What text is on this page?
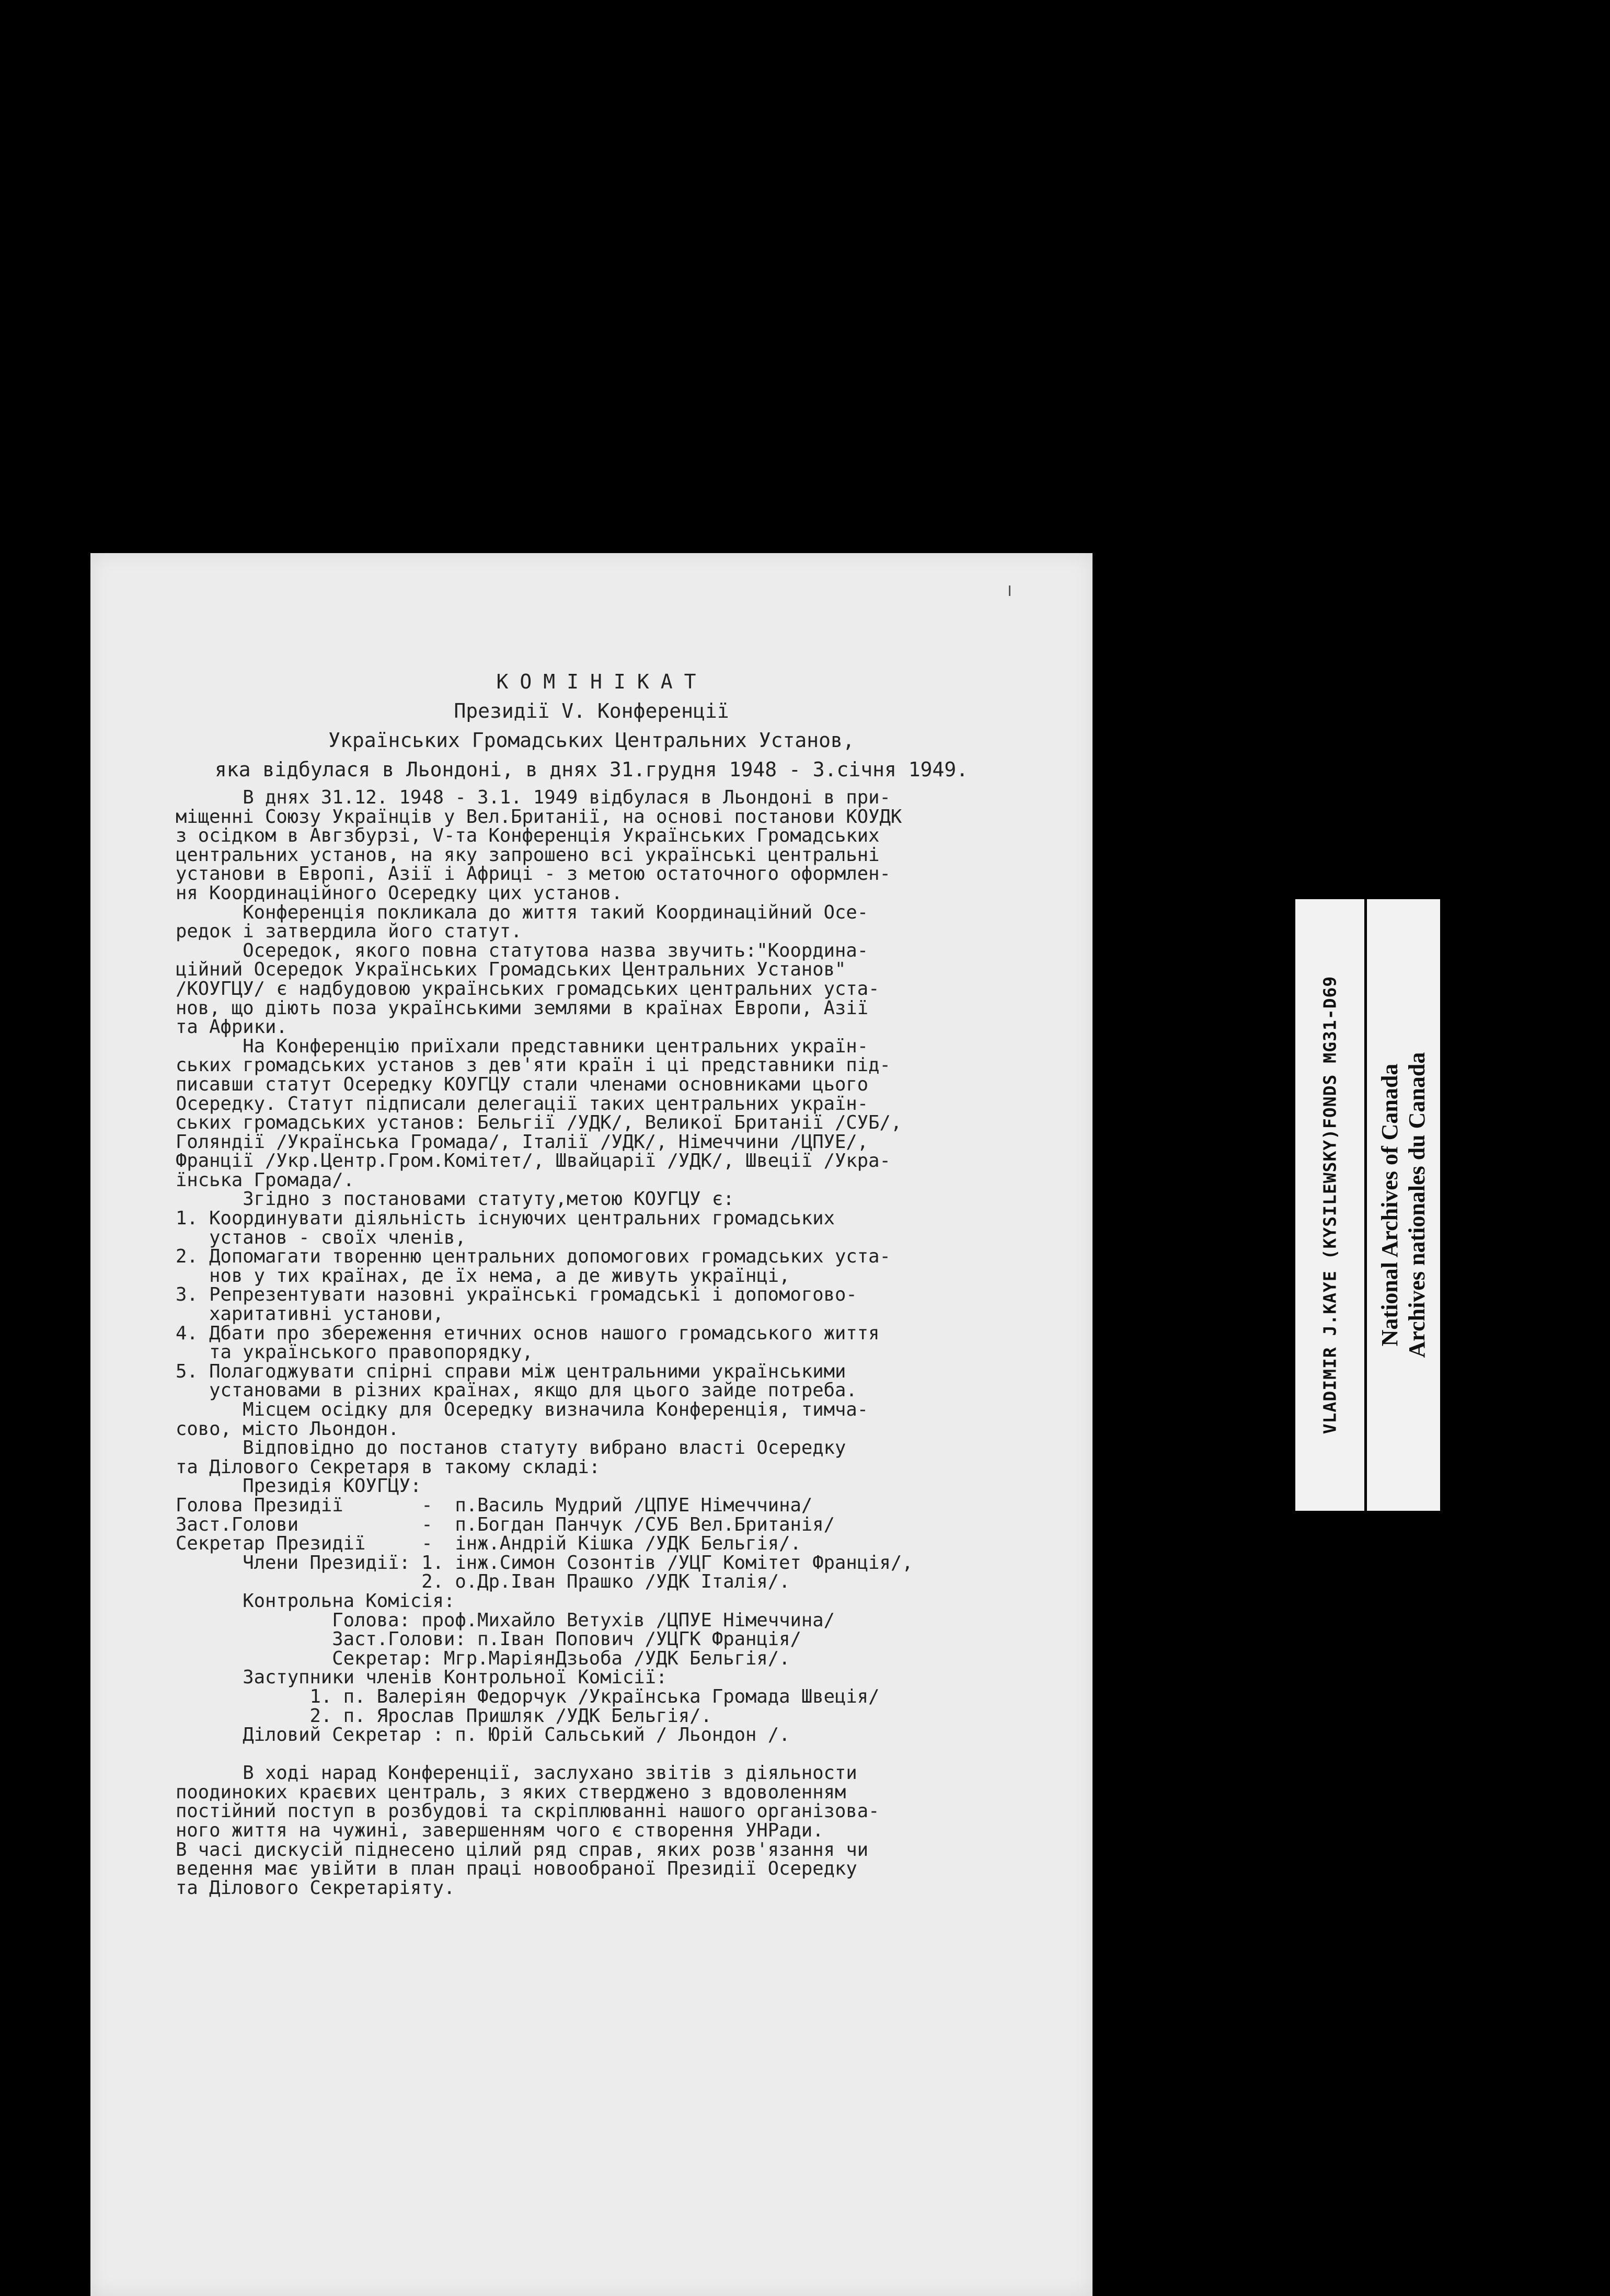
КОМІНІКАТ
Президії V. Конференції
Українських Громадських Центральних Установ,
яка відбулася в Льондоні, в днях 31.грудня 1948 - 3.січня 1949.
В днях 31.12. 1948 - 3.1. 1949 відбулася в Льондоні в при-
міщенні Союзу Українців у Вел.Британії, на основі постанови КОУДК
з осідком в Авгзбурзі, V-та Конференція Українських Громадських
центральних установ, на яку запрошено всі українські центральні
установи в Европі, Азії і Африці - з метою остаточного оформлен-
ня Координаційного Осередку цих установ.
Конференція покликала до життя такий Координаційний Осе-
редок і затвердила його статут.
Осередок, якого повна статутова назва звучить:"Координа-
ційний Осередок Українських Громадських Центральних Установ"
/КОУГЦУ/ є надбудовою українських громадських центральних уста-
нов, що діють поза українськими землями в країнах Европи, Азії
та Африки.
На Конференцію приїхали представники центральних україн-
ських громадських установ з дев'яти країн і ці представники під-
писавши статут Осередку КОУГЦУ стали членами основниками цього
Осередку. Статут підписали делегації таких центральних україн-
ських громадських установ: Бельгії /УДК/, Великої Британії /СУБ/,
Голяндії /Українська Громада/, Італії /УДК/, Німеччини /ЦПУЕ/,
Франції /Укр.Центр.Гром.Комітет/, Швайцарії /УДК/, Швеції /Укра-
їнська Громада/.
Згідно з постановами статуту,метою КОУГЦУ є:
1. Координувати діяльність існуючих центральних громадських
установ - своїх членів,
2. Допомагати творенню центральних допомогових громадських уста-
нов у тих країнах, де їх нема, а де живуть українці,
3. Репрезентувати назовні українські громадські і допомогово-
харитативні установи,
4. Дбати про збереження етичних основ нашого громадського життя
та українського правопорядку,
5. Полагоджувати спірні справи між центральними українськими
установами в різних країнах, якщо для цього зайде потреба.
Місцем осідку для Осередку визначила Конференція, тимча-
сово, місто Льондон.
Відповідно до постанов статуту вибрано власті Осередку
та Ділового Секретаря в такому складі:
Президія КОУГЦУ:
Голова Президії       -  п.Василь Мудрий /ЦПУЕ Німеччина/
Заст.Голови           -  п.Богдан Панчук /СУБ Вел.Британія/
Секретар Президії     -  інж.Андрій Кішка /УДК Бельгія/.
Члени Президії: 1. інж.Симон Созонтів /УЦГ Комітет Франція/,
2. о.Др.Іван Прашко /УДК Італія/.
Контрольна Комісія:
Голова: проф.Михайло Ветухів /ЦПУЕ Німеччина/
Заст.Голови: п.Іван Попович /УЦГК Франція/
Секретар: Мгр.МаріянДзьоба /УДК Бельгія/.
Заступники членів Контрольної Комісії:
1. п. Валеріян Федорчук /Українська Громада Швеція/
2. п. Ярослав Пришляк /УДК Бельгія/.
Діловий Секретар : п. Юрій Сальський / Льондон /.
В ході нарад Конференції, заслухано звітів з діяльности
поодиноких краєвих централь, з яких стверджено з вдоволенням
постійний поступ в розбудові та скріплюванні нашого організова-
ного життя на чужині, завершенням чого є створення УНРади.
В часі дискусій піднесено цілий ряд справ, яких розв'язання чи
ведення має увійти в план праці новообраної Президії Осередку
та Ділового Секретаріяту.
VLADIMIR J.KAYE (KYSILEWSKY)FONDS MG31-D69 National Archives of Canada Archives nationales du Canada
